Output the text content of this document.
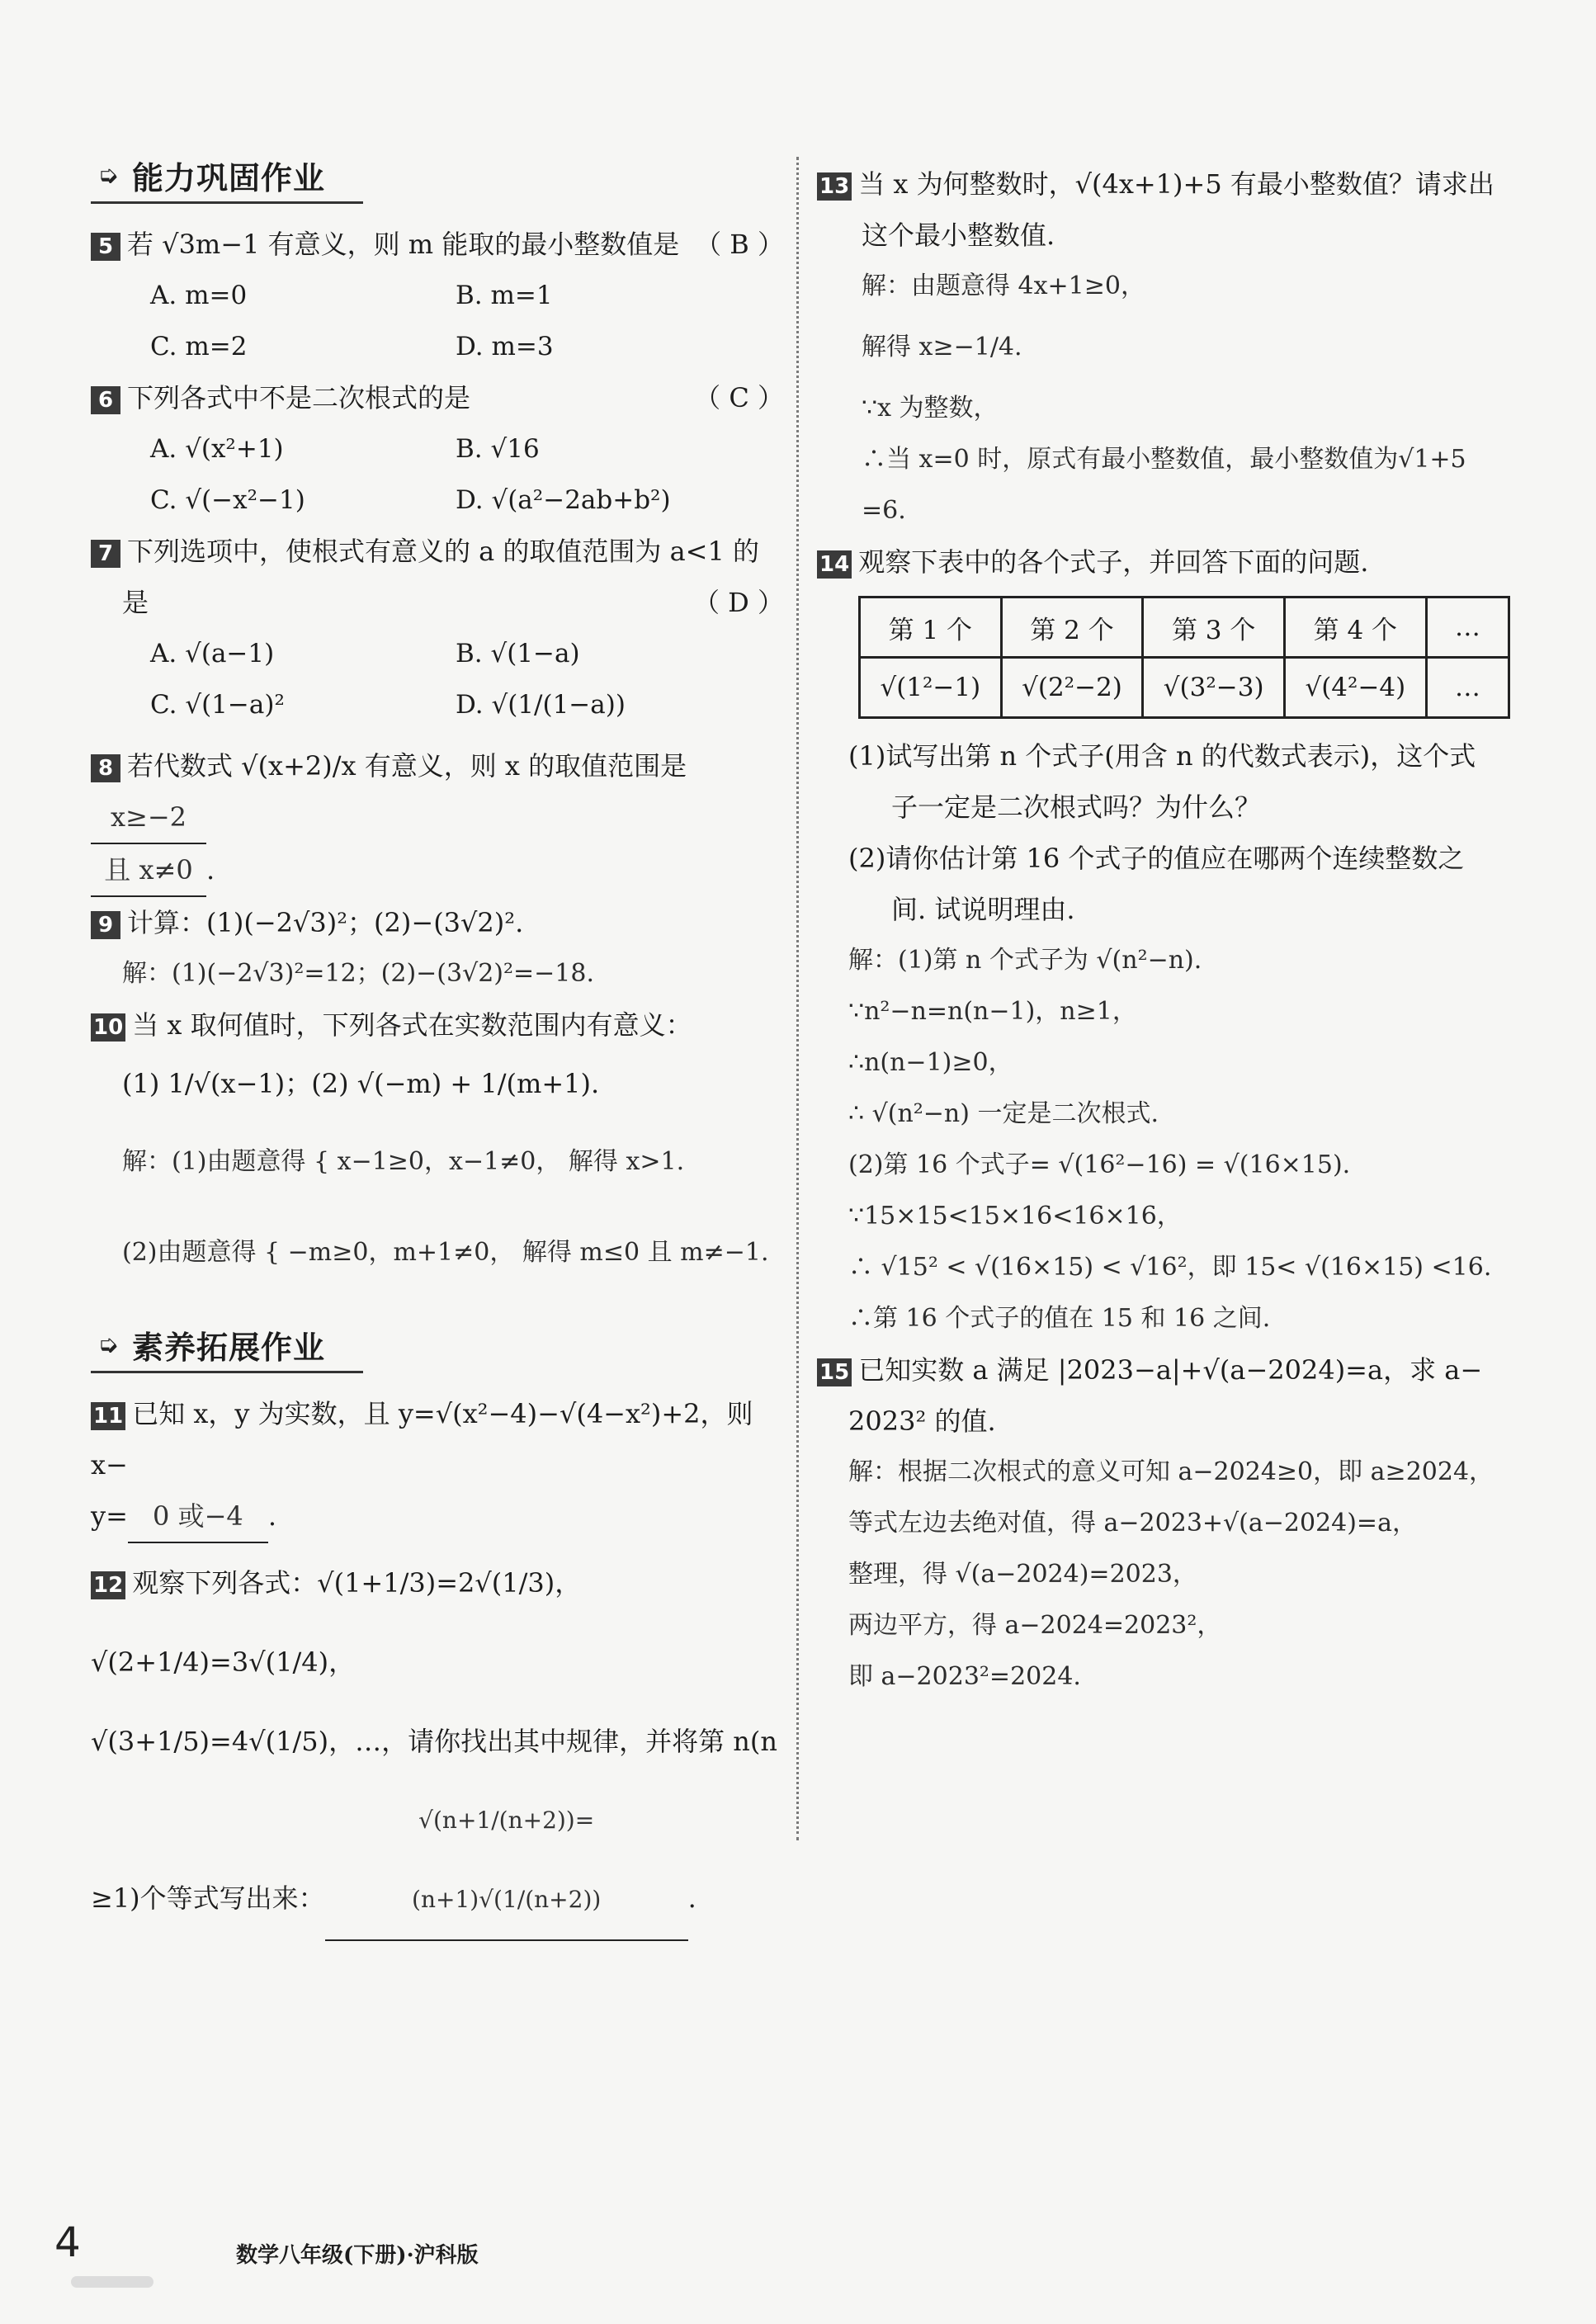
➭ 能力巩固作业
5 若 √3m−1 有意义，则 m 能取的最小整数值是 （ B ）
A. m=0	B. m=1
C. m=2	D. m=3
6 下列各式中不是二次根式的是	（ C ）
A. √(x²+1)	B. √16
C. √(−x²−1)	D. √(a²−2ab+b²)
7 下列选项中，使根式有意义的 a 的取值范围为 a<1 的
是	（ D ）
A. √(a−1)	B. √(1−a)
C. √(1−a)²	D. √(1/(1−a))
8 若代数式 √(x+2)/x 有意义，则 x 的取值范围是 x≥−2
且 x≠0 .
9 计算：(1)(−2√3)²；(2)−(3√2)².
解：(1)(−2√3)²=12；(2)−(3√2)²=−18.
10 当 x 取何值时，下列各式在实数范围内有意义：
(1) 1/√(x−1)；(2) √(−m) + 1/(m+1).
解：(1)由题意得 { x−1≥0，x−1≠0， 解得 x>1.
(2)由题意得 { −m≥0，m+1≠0， 解得 m≤0 且 m≠−1.
➭ 素养拓展作业
11 已知 x，y 为实数，且 y=√(x²−4)−√(4−x²)+2，则 x−
y= 0 或−4 .
12 观察下列各式：√(1+1/3)=2√(1/3)，√(2+1/4)=3√(1/4)，
√(3+1/5)=4√(1/5)，…，请你找出其中规律，并将第 n(n
≥1)个等式写出来：√(n+1/(n+2))=(n+1)√(1/(n+2))	.
13 当 x 为何整数时，√(4x+1)+5 有最小整数值？请求出
这个最小整数值.
解：由题意得 4x+1≥0，
解得 x≥−1/4.
∵x 为整数，
∴当 x=0 时，原式有最小整数值，最小整数值为√1+5
=6.
14 观察下表中的各个式子，并回答下面的问题.
第 1 个	第 2 个	第 3 个	第 4 个	…
√(1²−1)	√(2²−2)	√(3²−3)	√(4²−4)	…
(1)试写出第 n 个式子(用含 n 的代数式表示)，这个式
子一定是二次根式吗？为什么？
(2)请你估计第 16 个式子的值应在哪两个连续整数之
间. 试说明理由.
解：(1)第 n 个式子为 √(n²−n).
∵n²−n=n(n−1)，n≥1，
∴n(n−1)≥0，
∴ √(n²−n) 一定是二次根式.
(2)第 16 个式子= √(16²−16) = √(16×15).
∵15×15<15×16<16×16，
∴ √15² < √(16×15) < √16²，即 15< √(16×15) <16.
∴第 16 个式子的值在 15 和 16 之间.
15 已知实数 a 满足 |2023−a|+√(a−2024)=a，求 a−
2023² 的值.
解：根据二次根式的意义可知 a−2024≥0，即 a≥2024，
等式左边去绝对值，得 a−2023+√(a−2024)=a，
整理，得 √(a−2024)=2023，
两边平方，得 a−2024=2023²，
即 a−2023²=2024.
4	数学八年级(下册)·沪科版
